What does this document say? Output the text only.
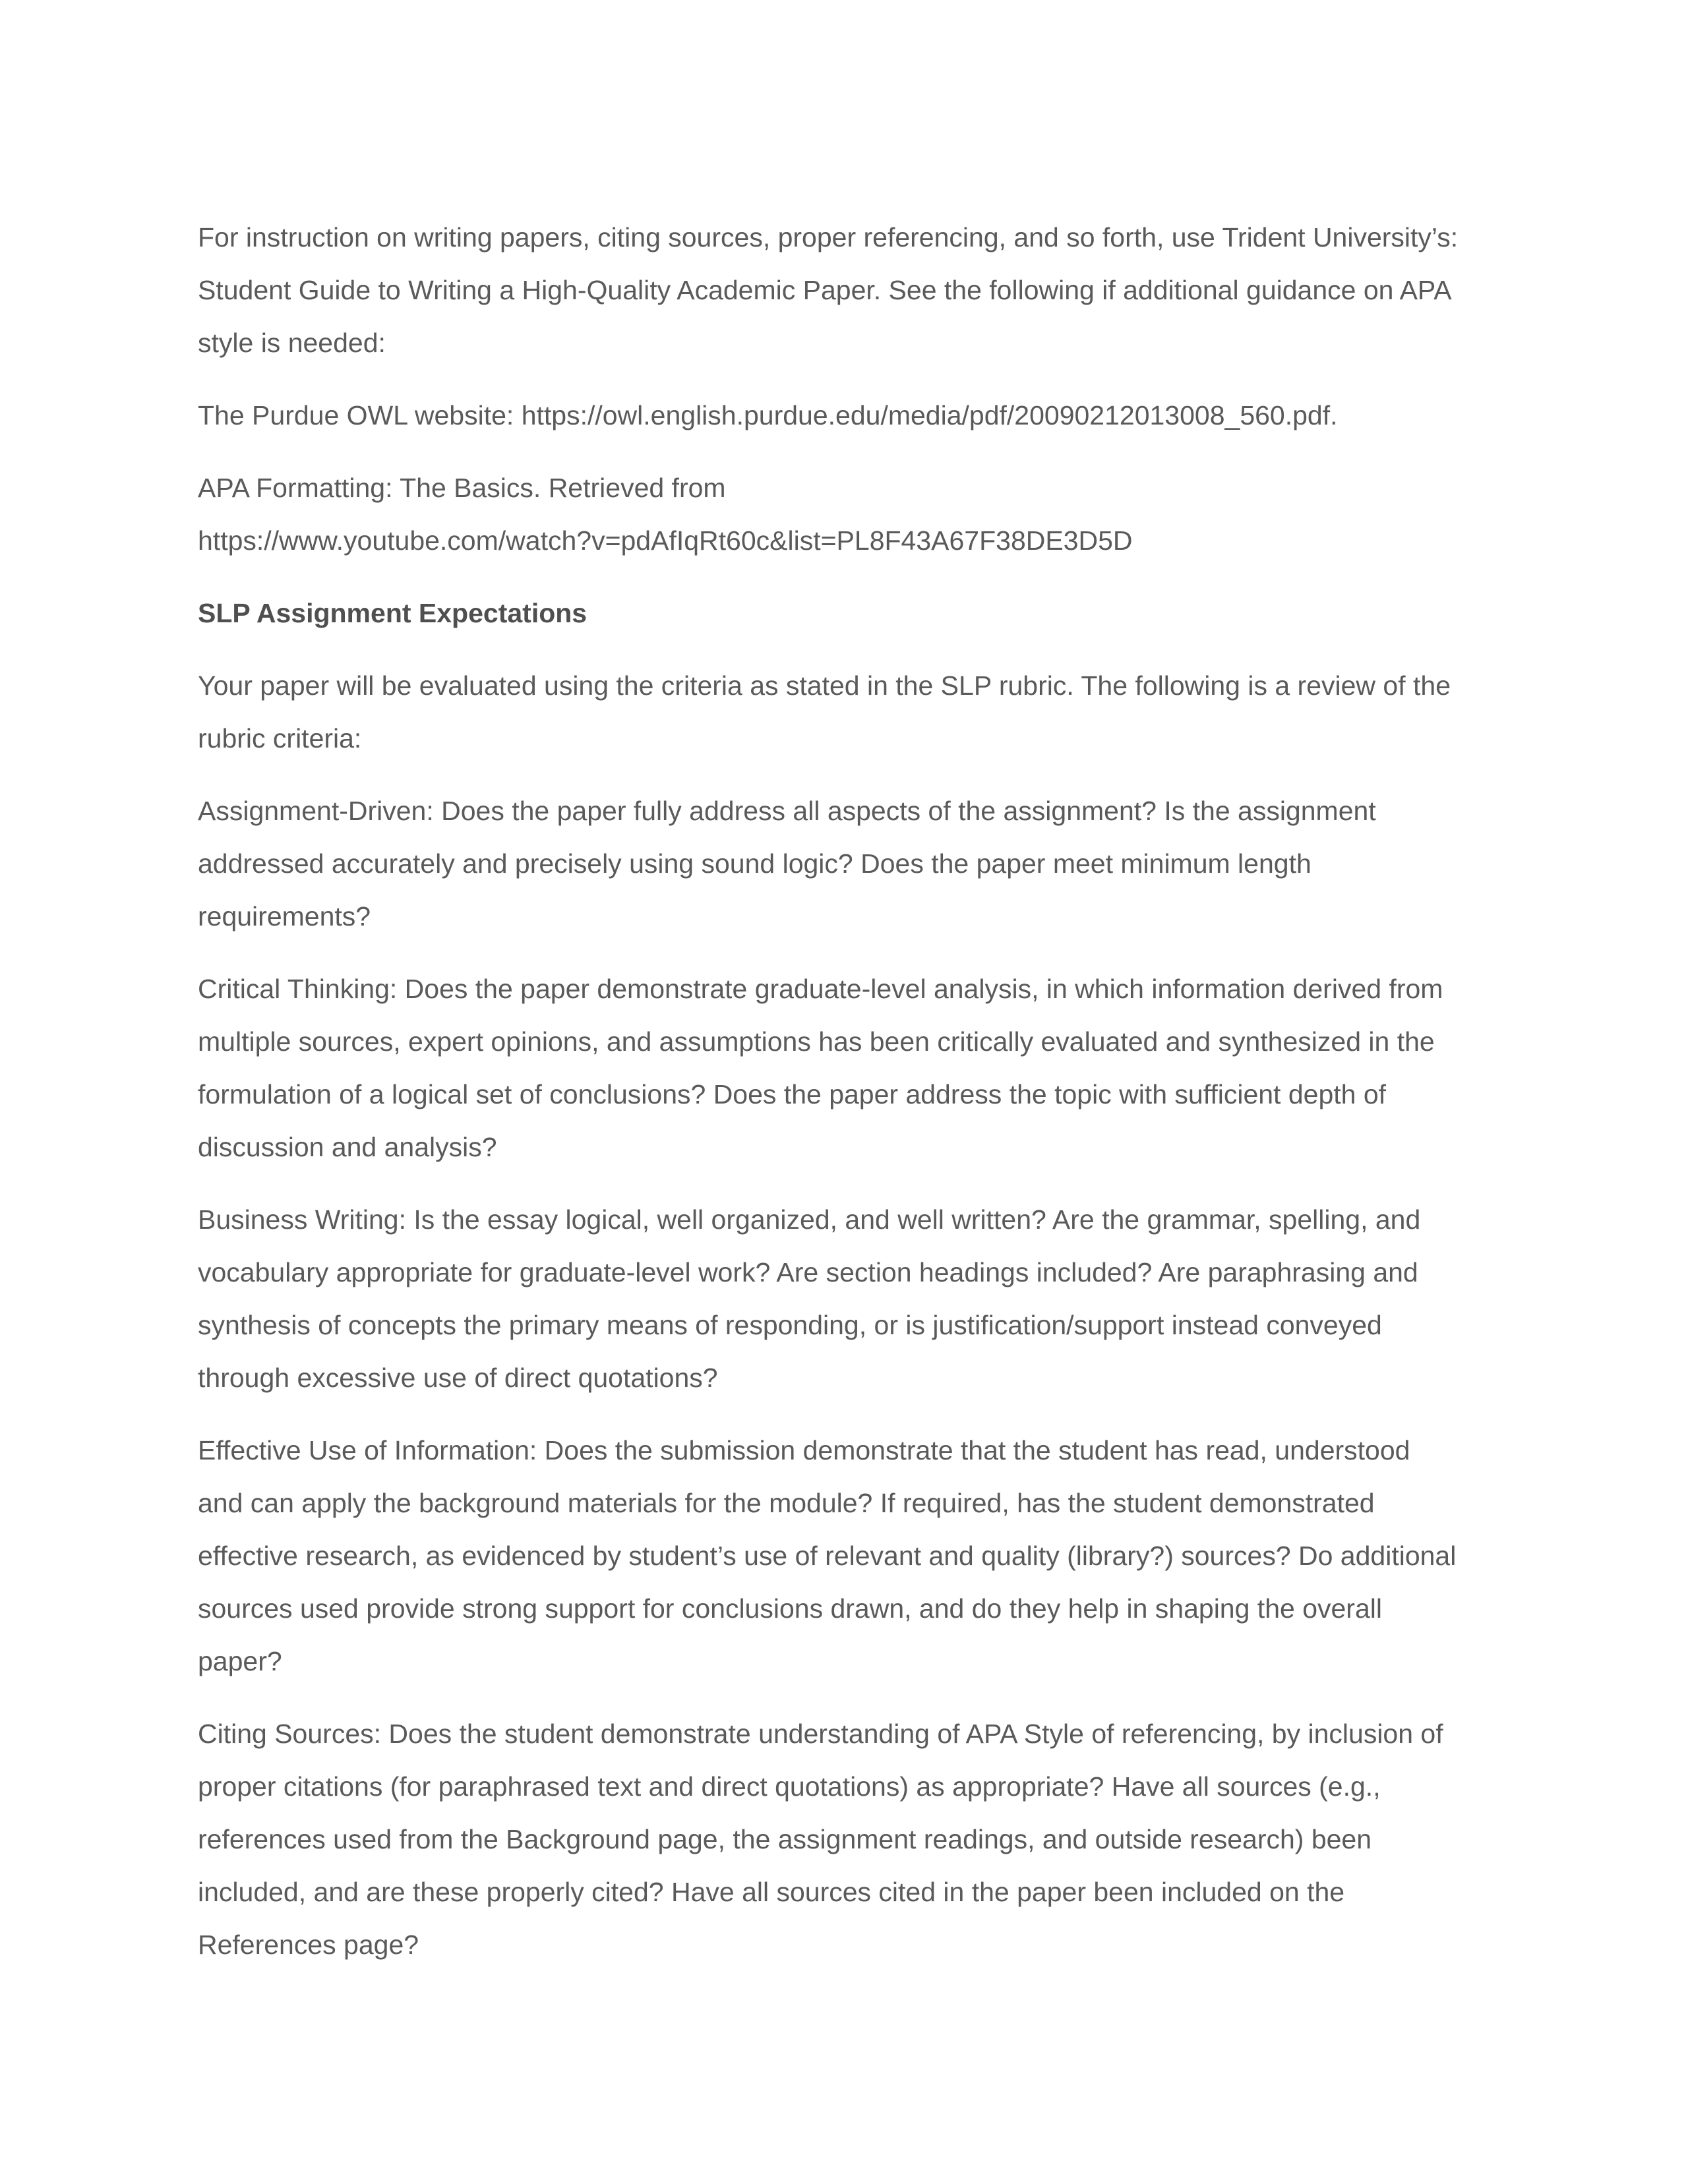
For instruction on writing papers, citing sources, proper referencing, and so forth, use Trident University’s:
Student Guide to Writing a High-Quality Academic Paper. See the following if additional guidance on APA
style is needed:

The Purdue OWL website: https://owl.english.purdue.edu/media/pdf/20090212013008_560.pdf.

APA Formatting: The Basics. Retrieved from
https://www.youtube.com/watch?v=pdAfIqRt60c&list=PL8F43A67F38DE3D5D

SLP Assignment Expectations

Your paper will be evaluated using the criteria as stated in the SLP rubric. The following is a review of the
rubric criteria:

Assignment-Driven: Does the paper fully address all aspects of the assignment? Is the assignment
addressed accurately and precisely using sound logic? Does the paper meet minimum length
requirements?

Critical Thinking: Does the paper demonstrate graduate-level analysis, in which information derived from
multiple sources, expert opinions, and assumptions has been critically evaluated and synthesized in the
formulation of a logical set of conclusions? Does the paper address the topic with sufficient depth of
discussion and analysis?

Business Writing: Is the essay logical, well organized, and well written? Are the grammar, spelling, and
vocabulary appropriate for graduate-level work? Are section headings included? Are paraphrasing and
synthesis of concepts the primary means of responding, or is justification/support instead conveyed
through excessive use of direct quotations?

Effective Use of Information: Does the submission demonstrate that the student has read, understood
and can apply the background materials for the module? If required, has the student demonstrated
effective research, as evidenced by student’s use of relevant and quality (library?) sources? Do additional
sources used provide strong support for conclusions drawn, and do they help in shaping the overall
paper?

Citing Sources: Does the student demonstrate understanding of APA Style of referencing, by inclusion of
proper citations (for paraphrased text and direct quotations) as appropriate? Have all sources (e.g.,
references used from the Background page, the assignment readings, and outside research) been
included, and are these properly cited? Have all sources cited in the paper been included on the
References page?
